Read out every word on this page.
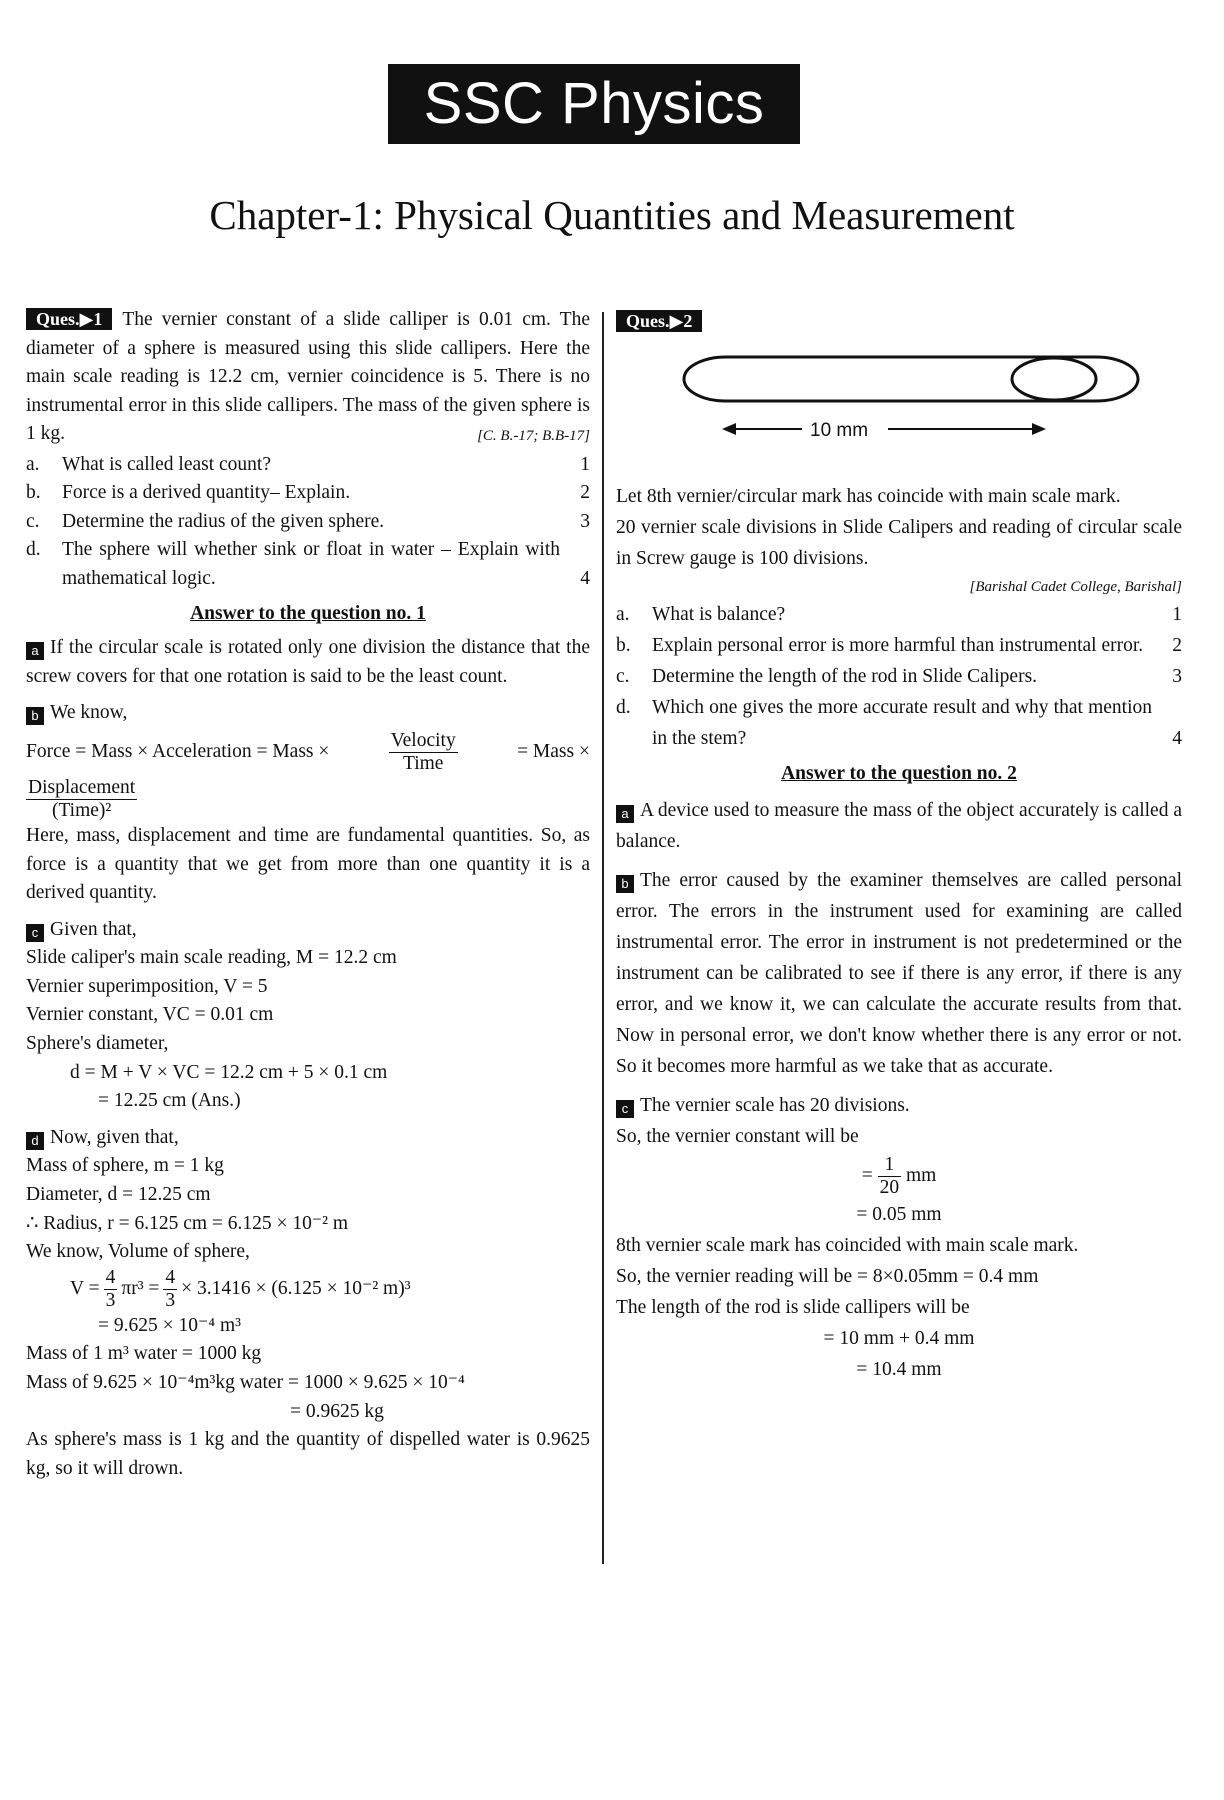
SSC Physics
Chapter-1: Physical Quantities and Measurement

Ques.▶1 The vernier constant of a slide calliper is 0.01 cm. The diameter of a sphere is measured using this slide callipers. Here the main scale reading is 12.2 cm, vernier coincidence is 5. There is no instrumental error in this slide callipers. The mass of the given sphere is 1 kg.	[C. B.-17; B.B-17]

a.	What is called least count?	1
b.	Force is a derived quantity– Explain.	2
c.	Determine the radius of the given sphere.	3
d.	The sphere will whether sink or float in water – Explain with mathematical logic.	4
Answer to the question no. 1

a If the circular scale is rotated only one division the distance that the screw covers for that one rotation is said to be the least count.

b We know,

Force = Mass × Acceleration = Mass ×	$\frac{\text{Velocity}}{\text{Time}}$	= Mass ×
$\frac{\text{Displacement}}{\text{(Time)²}}$

Here, mass, displacement and time are fundamental quantities. So, as force is a quantity that we get from more than one quantity it is a derived quantity.

c Given that,

Slide caliper's main scale reading, M = 12.2 cm

Vernier superimposition, V = 5

Vernier constant, VC = 0.01 cm

Sphere's diameter,

d = M + V × VC = 12.2 cm + 5 × 0.1 cm

= 12.25 cm (Ans.)

d Now, given that,

Mass of sphere, m = 1 kg

Diameter, d = 12.25 cm

∴ Radius, r = 6.125 cm = 6.125 × 10⁻² m

We know, Volume of sphere,

$V = \frac{4}{3} \pi r^3 = \frac{4}{3} \times 3.1416 \times (6.125 \times 10^{-2}$ m)³

= 9.625 × 10⁻⁴ m³

Mass of 1 m³ water = 1000 kg

Mass of 9.625 × 10⁻⁴m³kg water = 1000 × 9.625 × 10⁻⁴

= 0.9625 kg

As sphere's mass is 1 kg and the quantity of dispelled water is 0.9625 kg, so it will drown.

Ques.▶2

10 mm

Let 8th vernier/circular mark has coincide with main scale mark.

20 vernier scale divisions in Slide Calipers and reading of circular scale in Screw gauge is 100 divisions.

[Barishal Cadet College, Barishal]

a.	What is balance?	1
b.	Explain personal error is more harmful than instrumental error.	2
c.	Determine the length of the rod in Slide Calipers.	3
d.	Which one gives the more accurate result and why that mention in the stem?	4
Answer to the question no. 2

a A device used to measure the mass of the object accurately is called a balance.

b The error caused by the examiner themselves are called personal error. The errors in the instrument used for examining are called instrumental error. The error in instrument is not predetermined or the instrument can be calibrated to see if there is any error, if there is any error, and we know it, we can calculate the accurate results from that. Now in personal error, we don't know whether there is any error or not. So it becomes more harmful as we take that as accurate.

c The vernier scale has 20 divisions.

So, the vernier constant will be

= $\frac{1}{20}$ mm

= 0.05 mm

8th vernier scale mark has coincided with main scale mark.

So, the vernier reading will be = 8×0.05mm = 0.4 mm

The length of the rod is slide callipers will be

= 10 mm + 0.4 mm

= 10.4 mm
